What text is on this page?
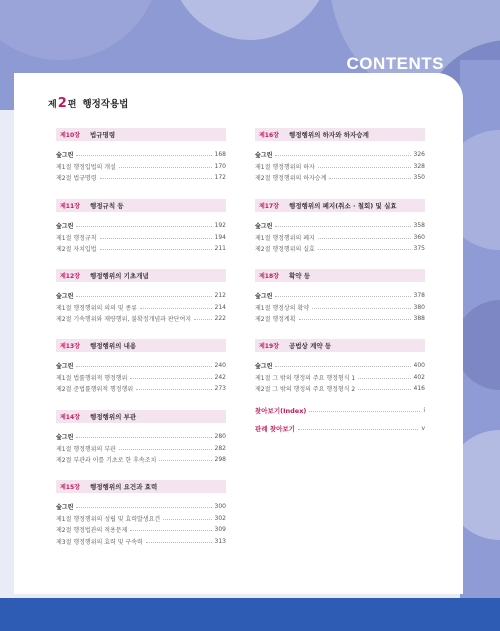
CONTENTS
제 2 편 행정작용법
찾아보기(Index)	i
판례 찾아보기	v
제10장	법규명령
숲그린	168
제1절 행정입법의 개설	170
제2절 법규명령	172
제11장	행정규칙 등
숲그린	192
제1절 행정규칙	194
제2절 자치입법	211
제12장	행정행위의 기초개념
숲그린	212
제1절 행정행위의 의의 및 종류	214
제2절 기속행위와 재량행위, 불확정개념과 판단여지	222
제13장	행정행위의 내용
숲그린	240
제1절 법률행위적 행정행위	242
제2절 준법률행위적 행정행위	273
제14장	행정행위의 부관
숲그린	280
제1절 행정행위의 부관	282
제2절 부관과 이를 기초로 한 후속조치	298
제15장	행정행위의 요건과 효력
숲그린	300
제1절 행정행위의 성립 및 효력발생요건	302
제2절 행정법관의 적용문제	309
제3절 행정행위의 효력 및 구속력	313
제16장	행정행위의 하자와 하자승계
숲그린	326
제1절 행정행위의 하자	328
제2절 행정행위의 하자승계	350
제17장	행정행위의 폐지(취소 · 철회) 및 실효
숲그린	358
제1절 행정행위의 폐지	360
제2절 행정행위의 실효	375
제18장	확약 등
숲그린	378
제1절 행정상의 확약	380
제2절 행정계획	388
제19장	공법상 계약 등
숲그린	400
제1절 그 밖의 행정의 주요 행정형식 1	402
제2절 그 밖의 행정의 주요 행정형식 2	416
